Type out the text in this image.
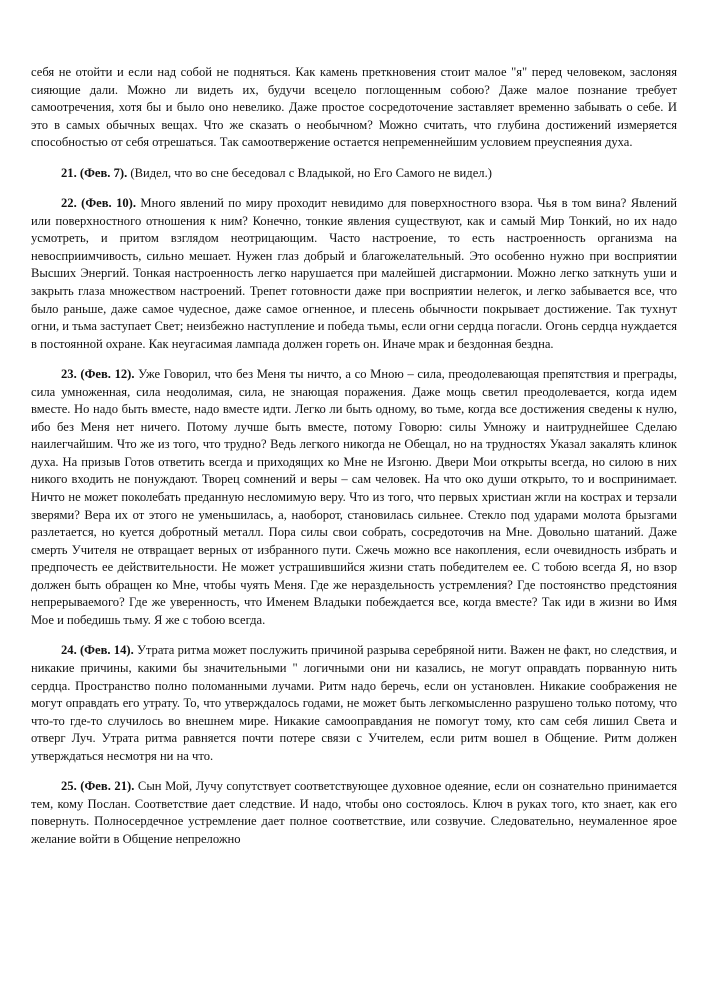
себя не отойти и если над собой не подняться. Как камень преткновения стоит малое "я" перед человеком, заслоняя сияющие дали. Можно ли видеть их, будучи всецело поглощенным собою? Даже малое познание требует самоотречения, хотя бы и было оно невелико. Даже простое сосредоточение заставляет временно забывать о себе. И это в самых обычных вещах. Что же сказать о необычном? Можно считать, что глубина достижений измеряется способностью от себя отрешаться. Так самоотвержение остается непременнейшим условием преуспеяния духа.

21. (Фев. 7). (Видел, что во сне беседовал с Владыкой, но Его Самого не видел.)

22. (Фев. 10). Много явлений по миру проходит невидимо для поверхностного взора. Чья в том вина? Явлений или поверхностного отношения к ним? Конечно, тонкие явления существуют, как и самый Мир Тонкий, но их надо усмотреть, и притом взглядом неотрицающим. Часто настроение, то есть настроенность организма на невосприимчивость, сильно мешает. Нужен глаз добрый и благожелательный. Это особенно нужно при восприятии Высших Энергий. Тонкая настроенность легко нарушается при малейшей дисгармонии. Можно легко заткнуть уши и закрыть глаза множеством настроений. Трепет готовности даже при восприятии нелегок, и легко забывается все, что было раньше, даже самое чудесное, даже самое огненное, и плесень обычности покрывает достижение. Так тухнут огни, и тьма заступает Свет; неизбежно наступление и победа тьмы, если огни сердца погасли. Огонь сердца нуждается в постоянной охране. Как неугасимая лампада должен гореть он. Иначе мрак и бездонная бездна.

23. (Фев. 12). Уже Говорил, что без Меня ты ничто, а со Мною – сила, преодолевающая препятствия и преграды, сила умноженная, сила неодолимая, сила, не знающая поражения. Даже мощь светил преодолевается, когда идем вместе. Но надо быть вместе, надо вместе идти. Легко ли быть одному, во тьме, когда все достижения сведены к нулю, ибо без Меня нет ничего. Потому лучше быть вместе, потому Говорю: силы Умножу и наитруднейшее Сделаю наилегчайшим. Что же из того, что трудно? Ведь легкого никогда не Обещал, но на трудностях Указал закалять клинок духа. На призыв Готов ответить всегда и приходящих ко Мне не Изгоню. Двери Мои открыты всегда, но силою в них никого входить не понуждают. Творец сомнений и веры – сам человек. На что око души открыто, то и воспринимает. Ничто не может поколебать преданную несломимую веру. Что из того, что первых христиан жгли на кострах и терзали зверями? Вера их от этого не уменьшилась, а, наоборот, становилась сильнее. Стекло под ударами молота брызгами разлетается, но куется добротный металл. Пора силы свои собрать, сосредоточив на Мне. Довольно шатаний. Даже смерть Учителя не отвращает верных от избранного пути. Сжечь можно все накопления, если очевидность избрать и предпочесть ее действительности. Не может устрашившийся жизни стать победителем ее. С тобою всегда Я, но взор должен быть обращен ко Мне, чтобы чуять Меня. Где же нераздельность устремления? Где постоянство предстояния непрерываемого? Где же уверенность, что Именем Владыки побеждается все, когда вместе? Так иди в жизни во Имя Мое и победишь тьму. Я же с тобою всегда.

24. (Фев. 14). Утрата ритма может послужить причиной разрыва серебряной нити. Важен не факт, но следствия, и никакие причины, какими бы значительными " логичными они ни казались, не могут оправдать порванную нить сердца. Пространство полно поломанными лучами. Ритм надо беречь, если он установлен. Никакие соображения не могут оправдать его утрату. То, что утверждалось годами, не может быть легкомысленно разрушено только потому, что что-то где-то случилось во внешнем мире. Никакие самооправдания не помогут тому, кто сам себя лишил Света и отверг Луч. Утрата ритма равняется почти потере связи с Учителем, если ритм вошел в Общение. Ритм должен утверждаться несмотря ни на что.

25. (Фев. 21). Сын Мой, Лучу сопутствует соответствующее духовное одеяние, если он сознательно принимается тем, кому Послан. Соответствие дает следствие. И надо, чтобы оно состоялось. Ключ в руках того, кто знает, как его повернуть. Полносердечное устремление дает полное соответствие, или созвучие. Следовательно, неумаленное ярое желание войти в Общение непреложно
